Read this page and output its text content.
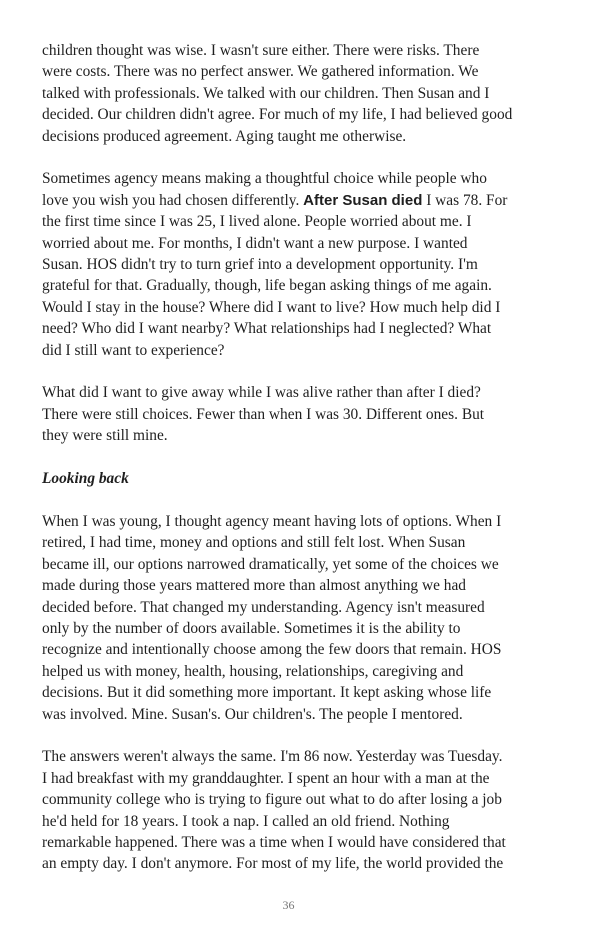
children thought was wise. I wasn't sure either. There were risks. There
were costs. There was no perfect answer. We gathered information. We
talked with professionals. We talked with our children. Then Susan and I
decided. Our children didn't agree. For much of my life, I had believed good
decisions produced agreement. Aging taught me otherwise.

Sometimes agency means making a thoughtful choice while people who
love you wish you had chosen differently. After Susan died I was 78. For
the first time since I was 25, I lived alone. People worried about me. I
worried about me. For months, I didn't want a new purpose. I wanted
Susan. HOS didn't try to turn grief into a development opportunity. I'm
grateful for that. Gradually, though, life began asking things of me again.
Would I stay in the house? Where did I want to live? How much help did I
need? Who did I want nearby? What relationships had I neglected? What
did I still want to experience?

What did I want to give away while I was alive rather than after I died?
There were still choices. Fewer than when I was 30. Different ones. But
they were still mine.

Looking back

When I was young, I thought agency meant having lots of options. When I
retired, I had time, money and options and still felt lost. When Susan
became ill, our options narrowed dramatically, yet some of the choices we
made during those years mattered more than almost anything we had
decided before. That changed my understanding. Agency isn't measured
only by the number of doors available. Sometimes it is the ability to
recognize and intentionally choose among the few doors that remain. HOS
helped us with money, health, housing, relationships, caregiving and
decisions. But it did something more important. It kept asking whose life
was involved. Mine. Susan's. Our children's. The people I mentored.

The answers weren't always the same. I'm 86 now. Yesterday was Tuesday.
I had breakfast with my granddaughter. I spent an hour with a man at the
community college who is trying to figure out what to do after losing a job
he'd held for 18 years. I took a nap. I called an old friend. Nothing
remarkable happened. There was a time when I would have considered that
an empty day. I don't anymore. For most of my life, the world provided the

36
